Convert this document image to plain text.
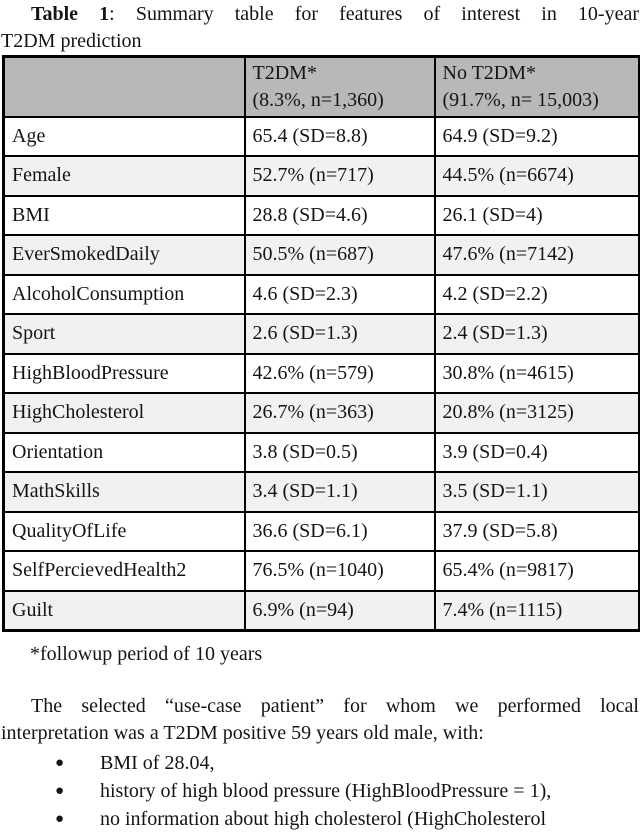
Table 1: Summary table for features of interest in 10-year
T2DM prediction

T2DM*
(8.3%, n=1,360)

No T2DM*
(91.7%, n= 15,003)

Age	65.4 (SD=8.8)	64.9 (SD=9.2)
Female	52.7% (n=717)	44.5% (n=6674)
BMI	28.8 (SD=4.6)	26.1 (SD=4)
EverSmokedDaily	50.5% (n=687)	47.6% (n=7142)
AlcoholConsumption	4.6 (SD=2.3)	4.2 (SD=2.2)
Sport	2.6 (SD=1.3)	2.4 (SD=1.3)
HighBloodPressure	42.6% (n=579)	30.8% (n=4615)
HighCholesterol	26.7% (n=363)	20.8% (n=3125)
Orientation	3.8 (SD=0.5)	3.9 (SD=0.4)
MathSkills	3.4 (SD=1.1)	3.5 (SD=1.1)
QualityOfLife	36.6 (SD=6.1)	37.9 (SD=5.8)
SelfPercievedHealth2	76.5% (n=1040)	65.4% (n=9817)
Guilt	6.9% (n=94)	7.4% (n=1115)
*followup period of 10 years
The selected “use-case patient” for whom we performed local
interpretation was a T2DM positive 59 years old male, with:
● BMI of 28.04,
● history of high blood pressure (HighBloodPressure = 1),
● no information about high cholesterol (HighCholesterol
